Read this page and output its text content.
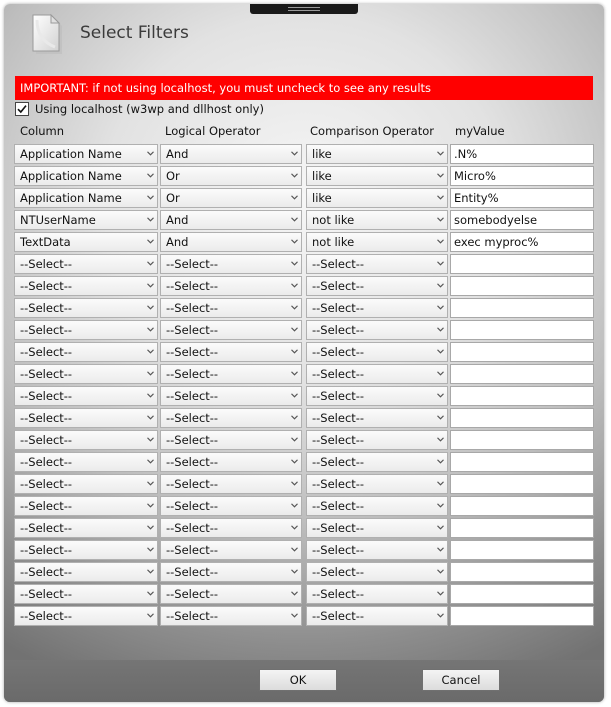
Select Filters
IMPORTANT: if not using localhost, you must uncheck to see any results
Using localhost (w3wp and dllhost only)
Column	Logical Operator	Comparison Operator myValue
Application Name	And	like	.N%
Application Name	Or	like	Micro%
Application Name	Or	like	Entity%
NTUserName	And	not like	somebodyelse
TextData	And	not like	exec myproc%
--Select--	--Select--	--Select--
--Select--	--Select--	--Select--
--Select--	--Select--	--Select--
--Select--	--Select--	--Select--
--Select--	--Select--	--Select--
--Select--	--Select--	--Select--
--Select--	--Select--	--Select--
--Select--	--Select--	--Select--
--Select--	--Select--	--Select--
--Select--	--Select--	--Select--
--Select--	--Select--	--Select--
--Select--	--Select--	--Select--
--Select--	--Select--	--Select--
--Select--	--Select--	--Select--
--Select--	--Select--	--Select--
--Select--	--Select--	--Select--
--Select--	--Select--	--Select--
OK	Cancel
